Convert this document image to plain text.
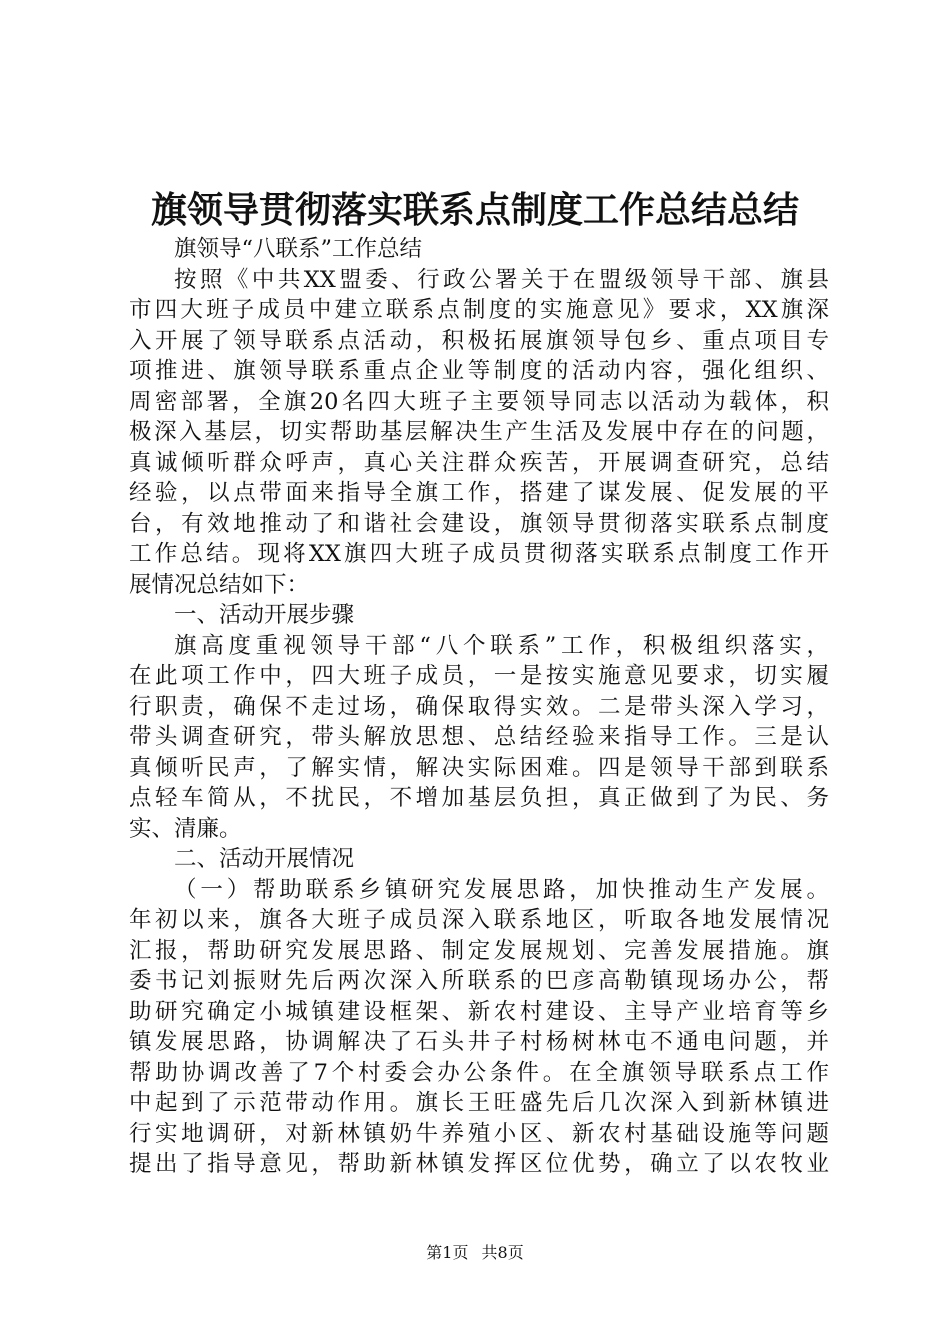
旗领导贯彻落实联系点制度工作总结总结
旗领导“八联系”工作总结
按照《中共XX盟委、行政公署关于在盟级领导干部、旗县
市四大班子成员中建立联系点制度的实施意见》要求，XX旗深
入开展了领导联系点活动，积极拓展旗领导包乡、重点项目专
项推进、旗领导联系重点企业等制度的活动内容，强化组织、
周密部署，全旗20名四大班子主要领导同志以活动为载体，积
极深入基层，切实帮助基层解决生产生活及发展中存在的问题，
真诚倾听群众呼声，真心关注群众疾苦，开展调查研究，总结
经验，以点带面来指导全旗工作，搭建了谋发展、促发展的平
台，有效地推动了和谐社会建设，旗领导贯彻落实联系点制度
工作总结。现将XX旗四大班子成员贯彻落实联系点制度工作开
展情况总结如下：
一、活动开展步骤
旗高度重视领导干部“八个联系”工作，积极组织落实，
在此项工作中，四大班子成员，一是按实施意见要求，切实履
行职责，确保不走过场，确保取得实效。二是带头深入学习，
带头调查研究，带头解放思想、总结经验来指导工作。三是认
真倾听民声，了解实情，解决实际困难。四是领导干部到联系
点轻车简从，不扰民，不增加基层负担，真正做到了为民、务
实、清廉。
二、活动开展情况
（一）帮助联系乡镇研究发展思路，加快推动生产发展。
年初以来，旗各大班子成员深入联系地区，听取各地发展情况
汇报，帮助研究发展思路、制定发展规划、完善发展措施。旗
委书记刘振财先后两次深入所联系的巴彦高勒镇现场办公，帮
助研究确定小城镇建设框架、新农村建设、主导产业培育等乡
镇发展思路，协调解决了石头井子村杨树林屯不通电问题，并
帮助协调改善了7个村委会办公条件。在全旗领导联系点工作
中起到了示范带动作用。旗长王旺盛先后几次深入到新林镇进
行实地调研，对新林镇奶牛养殖小区、新农村基础设施等问题
提出了指导意见，帮助新林镇发挥区位优势，确立了以农牧业
第1页 共8页
